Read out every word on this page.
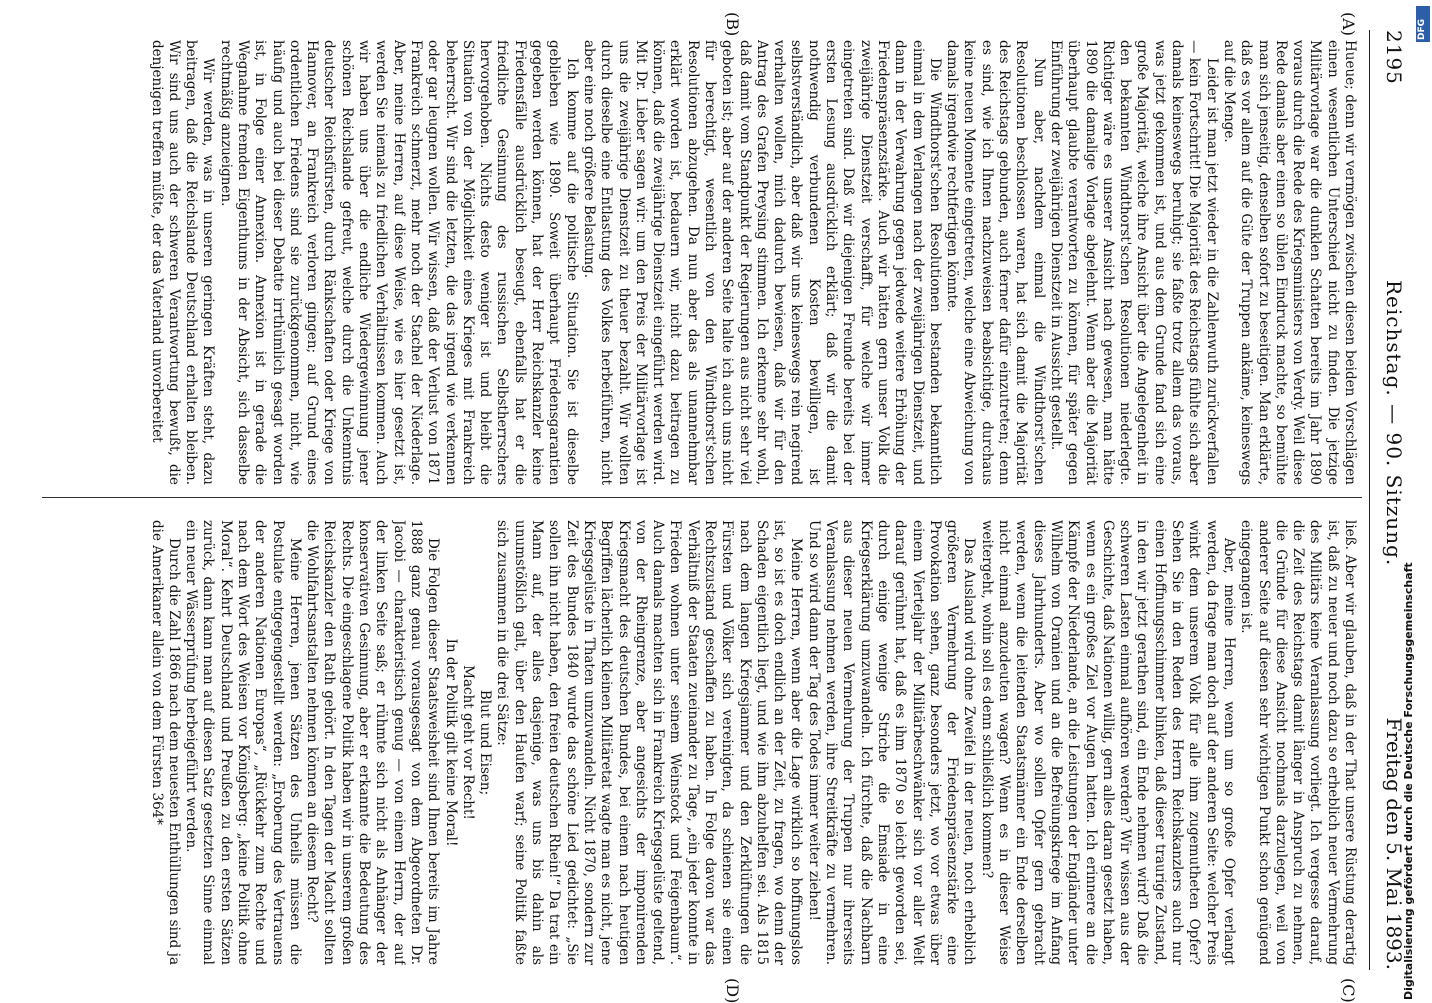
2195
Reichstag. — 90. Sitzung.
Freitag den 5. Mai 1893.
(A)
(B)
(C)
(D)

Hueue; denn wir vermögen zwischen diesen beiden Vorschlägen einen wesentlichen Unterschied nicht zu finden. Die jetzige Militärvorlage war die dunklen Schatten bereits im Jahr 1890 voraus durch die Rede des Kriegsministers von Verdy. Weil diese Rede damals aber einen so üblen Eindruck machte, so bemühte man sich jenseitig, denselben sofort zu beseitigen. Man erklärte, daß es vor allem auf die Güte der Truppen ankäme, keineswegs auf die Menge.

Leider ist man jetzt wieder in die Zahlenwuth zurückverfallen — kein Fortschritt! Die Majorität des Reichstags fühlte sich aber damals keineswegs beruhigt; sie faßte trotz allem das voraus, was jetzt gekommen ist, und aus dem Grunde fand sich eine große Majorität, welche ihre Ansicht über die Angelegenheit in den bekannten Windthorst'schen Resolutionen niederlegte. Richtiger wäre es unserer Ansicht nach gewesen, man hätte 1890 die damalige Vorlage abgelehnt. Wenn aber die Majorität überhaupt glaubte verantworten zu können, für später gegen Einführung der zweijährigen Dienstzeit in Aussicht gestellt.

Nun aber, nachdem einmal die Windthorst'schen Resolutionen beschlossen waren, hat sich damit die Majorität des Reichstags gebunden, auch ferner dafür einzutreten; denn es sind, wie ich Ihnen nachzuweisen beabsichtige, durchaus keine neuen Momente eingetreten, welche eine Abweichung von damals irgendwie rechtfertigen könnte.

Die Windthorst'schen Resolutionen bestanden bekanntlich einmal in dem Verlangen nach der zweijährigen Dienstzeit, und dann in der Verwahrung gegen jedwede weitere Erhöhung der Friedenspräsenzstärke. Auch wir hätten gern unser Volk die zweijährige Dienstzeit verschafft, für welche wir immer eingetreten sind. Daß wir diejenigen Freunde bereits bei der ersten Lesung ausdrücklich erklärt; daß wir die damit nothwendig verbundenen Kosten bewilligen, ist selbstverständlich, aber daß wir uns keineswegs rein negirend verhalten wollen, mich dadurch bewiesen, daß wir für den Antrag des Grafen Preysing stimmen. Ich erkenne sehr wohl, daß damit vom Standpunkt der Regierungen aus nicht sehr viel geboten ist; aber auf der anderen Seite halte ich auch uns nicht für berechtigt, wesentlich von den Windthorst'schen Resolutionen abzugehen. Da nun aber das als unannehmbar erklärt worden ist, bedauern wir, nicht dazu beitragen zu können, daß die zweijährige Dienstzeit eingeführt werden wird. Mit Dr. Lieber sagen wir: um den Preis der Militärvorlage ist uns die zweijährige Dienstzeit zu theuer bezahlt. Wir wollten durch dieselbe eine Entlastung des Volkes herbeiführen, nicht aber eine noch größere Belastung.

Ich komme auf die politische Situation. Sie ist dieselbe geblieben wie 1890. Soweit überhaupt Friedensgarantien gegeben werden können, hat der Herr Reichskanzler keine Friedensfälle ausdrücklich beseugt, ebenfalls hat er die friedliche Gesinnung des russischen Selbstherrschers hervorgehoben. Nichts desto weniger ist und bleibt die Situation von der Möglichkeit eines Krieges mit Frankreich beherrscht. Wir sind die letzten, die das irgend wie verkennen oder gar leugnen wollen. Wir wissen, daß der Verlust von 1871 Frankreich schmerzt, mehr noch der Stachel der Niederlage. Aber, meine Herren, auf diese Weise, wie es hier gesetzt ist, werden Sie niemals zu friedlichen Verhältnissen kommen. Auch wir haben uns über die endliche Wiedergewinnung jener schönen Reichslande gefreut, welche durch die Unkenntnis deutscher Reichsfürsten, durch Ränkschaften oder Kriege von Hannover, an Frankreich verloren gingen; auf Grund eines ordentlichen Friedens sind sie zurückgenommen, nicht, wie häufig und auch bei dieser Debatte irrthümlich gesagt worden ist, in Folge einer Annexion. Annexion ist in gerade die Wegnahme fremden Eigenthums in der Absicht, sich dasselbe rechtmäßig anzueignen.

Wir werden, was in unseren geringen Kräften steht, dazu beitragen, daß die Reichslande Deutschland erhalten bleiben. Wir sind uns auch der schweren Verantwortung bewußt, die denjenigen treffen müßte, der das Vaterland unvorbereitet

ließ. Aber wir glauben, daß in der That unsere Rüstung derartig ist, daß zu neuer und noch dazu so erheblich neuer Vermehrung des Militärs keine Veranlassung vorliegt. Ich vergesse darauf, die Zeit des Reichstags damit länger in Anspruch zu nehmen, die Gründe für diese Ansicht nochmals darzulegen, weil von anderer Seite auf diesen sehr wichtigen Punkt schon genügend eingegangen ist.

Aber, meine Herren, wenn um so große Opfer verlangt werden, da frage man doch auf der anderen Seite: welcher Preis winkt dem unserem Volk für alle ihm zugemutheten Opfer? Sehen Sie in den Reden des Herrn Reichskanzlers auch nur einen Hoffnungsschimmer blinken, daß dieser traurige Zustand, in den wir jetzt gerathen sind, ein Ende nehmen wird? Daß die schweren Lasten einmal aufhören werden? Wir wissen aus der Geschichte, daß Nationen willig, gern alles daran gesetzt haben, wenn es ein großes Ziel vor Augen hatten. Ich erinnere an die Kämpfe der Niederlande, an die Leistungen der Engländer unter Wilhelm von Oranien und an die Befreiungskriege im Anfang dieses Jahrhunderts. Aber wo sollen Opfer gern gebracht werden, wenn die leitenden Staatsmänner ein Ende derselben nicht einmal anzudeuten wagen? Wenn es in dieser Weise weitergeht, wohin soll es denn schließlich kommen?

Das Ausland wird ohne Zweifel in der neuen, noch erheblich größeren Vermehrung der Friedenspräsenzstärke eine Provokation sehen, ganz besonders jetzt, wo vor etwas über einem Vierteljahr der Militärbeschwänker sich vor aller Welt darauf gerühmt hat, daß es ihm 1870 so leicht geworden sei, durch einige wenige Striche die Emsiade in eine Kriegserklärung umzuwandeln. Ich fürchte, daß die Nachbarn aus dieser neuen Vermehrung der Truppen nur ihrerseits Veranlassung nehmen werden, ihre Streitkräfte zu vermehren. Und so wird dann der Tag des Todes immer weiter ziehen!

Meine Herren, wenn aber die Lage wirklich so hoffnungslos ist, so ist es doch endlich an der Zeit, zu fragen, wo denn der Schaden eigentlich liegt, und wie ihm abzuhelfen sei. Als 1815 nach dem langen Kriegsjammer und den Zerklüftungen die Fürsten und Völker sich vereinigten, da schienen sie einen Rechtszustand geschaffen zu haben. In Folge davon war das Verhältniß der Staaten zueinander zu Tage, „ein jeder konnte in Frieden wohnen unter seinem Weinstock und Feigenbaum“. Auch damals machten sich in Frankreich Kriegsgelüste geltend, von der Rheingrenze, aber angesichts der imponirenden Kriegsmacht des deutschen Bundes, bei einem nach heutigen Begriffen lächerlich kleinen Militäretat wagte man es nicht, jene Kriegsgelüste in Thaten umzuwandeln. Nicht 1870, sondern zur Zeit des Bundes 1840 wurde das schöne Lied gedichtet: „Sie sollen ihn nicht haben, den freien deutschen Rhein!“ Da trat ein Mann auf, der alles dasjenige, was uns bis dahin als unumstößlich galt, über den Haufen warf; seine Politik faßte sich zusammen in die drei Sätze:

Blut und Eisen;

Macht geht vor Recht!

In der Politik gilt keine Moral!

Die Folgen dieser Staatsweisheit sind Ihnen bereits im Jahre 1888 ganz genau vorausgesagt von dem Abgeordneten Dr. Jacobi — charakteristisch genug — von einem Herrn, der auf der linken Seite saß; er rühmte sich nicht als Anhänger der konservativen Gesinnung, aber er erkannte die Bedeutung des Rechts. Die eingeschlagene Politik haben wir in unserem großen Reichskanzler den Rath gehört. In den Tagen der Macht sollten die Wohlfahrtsanstalten nehmen können an diesem Recht?

Meine Herren, jenen Sätzen des Unheils müssen die Postulate entgegengestellt werden: „Eroberung des Vertrauens der anderen Nationen Europas“, „Rückkehr zum Rechte und nach dem Wort des Weisen vor Königsberg: „keine Politik ohne Moral“. Kehrt Deutschland und Preußen zu den ersten Sätzen zurück, dann kann man auf diesen Satz gesetzten Sinne einmal ein neuer Wässerprüfung herbeigeführt werden.

Durch die Zahl 1866 nach dem neuesten Enthüllungen sind ja die Amerikaner allein von dem Fürsten 364*	Digitalisierung gefördert durch die Deutsche Forschungsgemeinschaft
DFG
